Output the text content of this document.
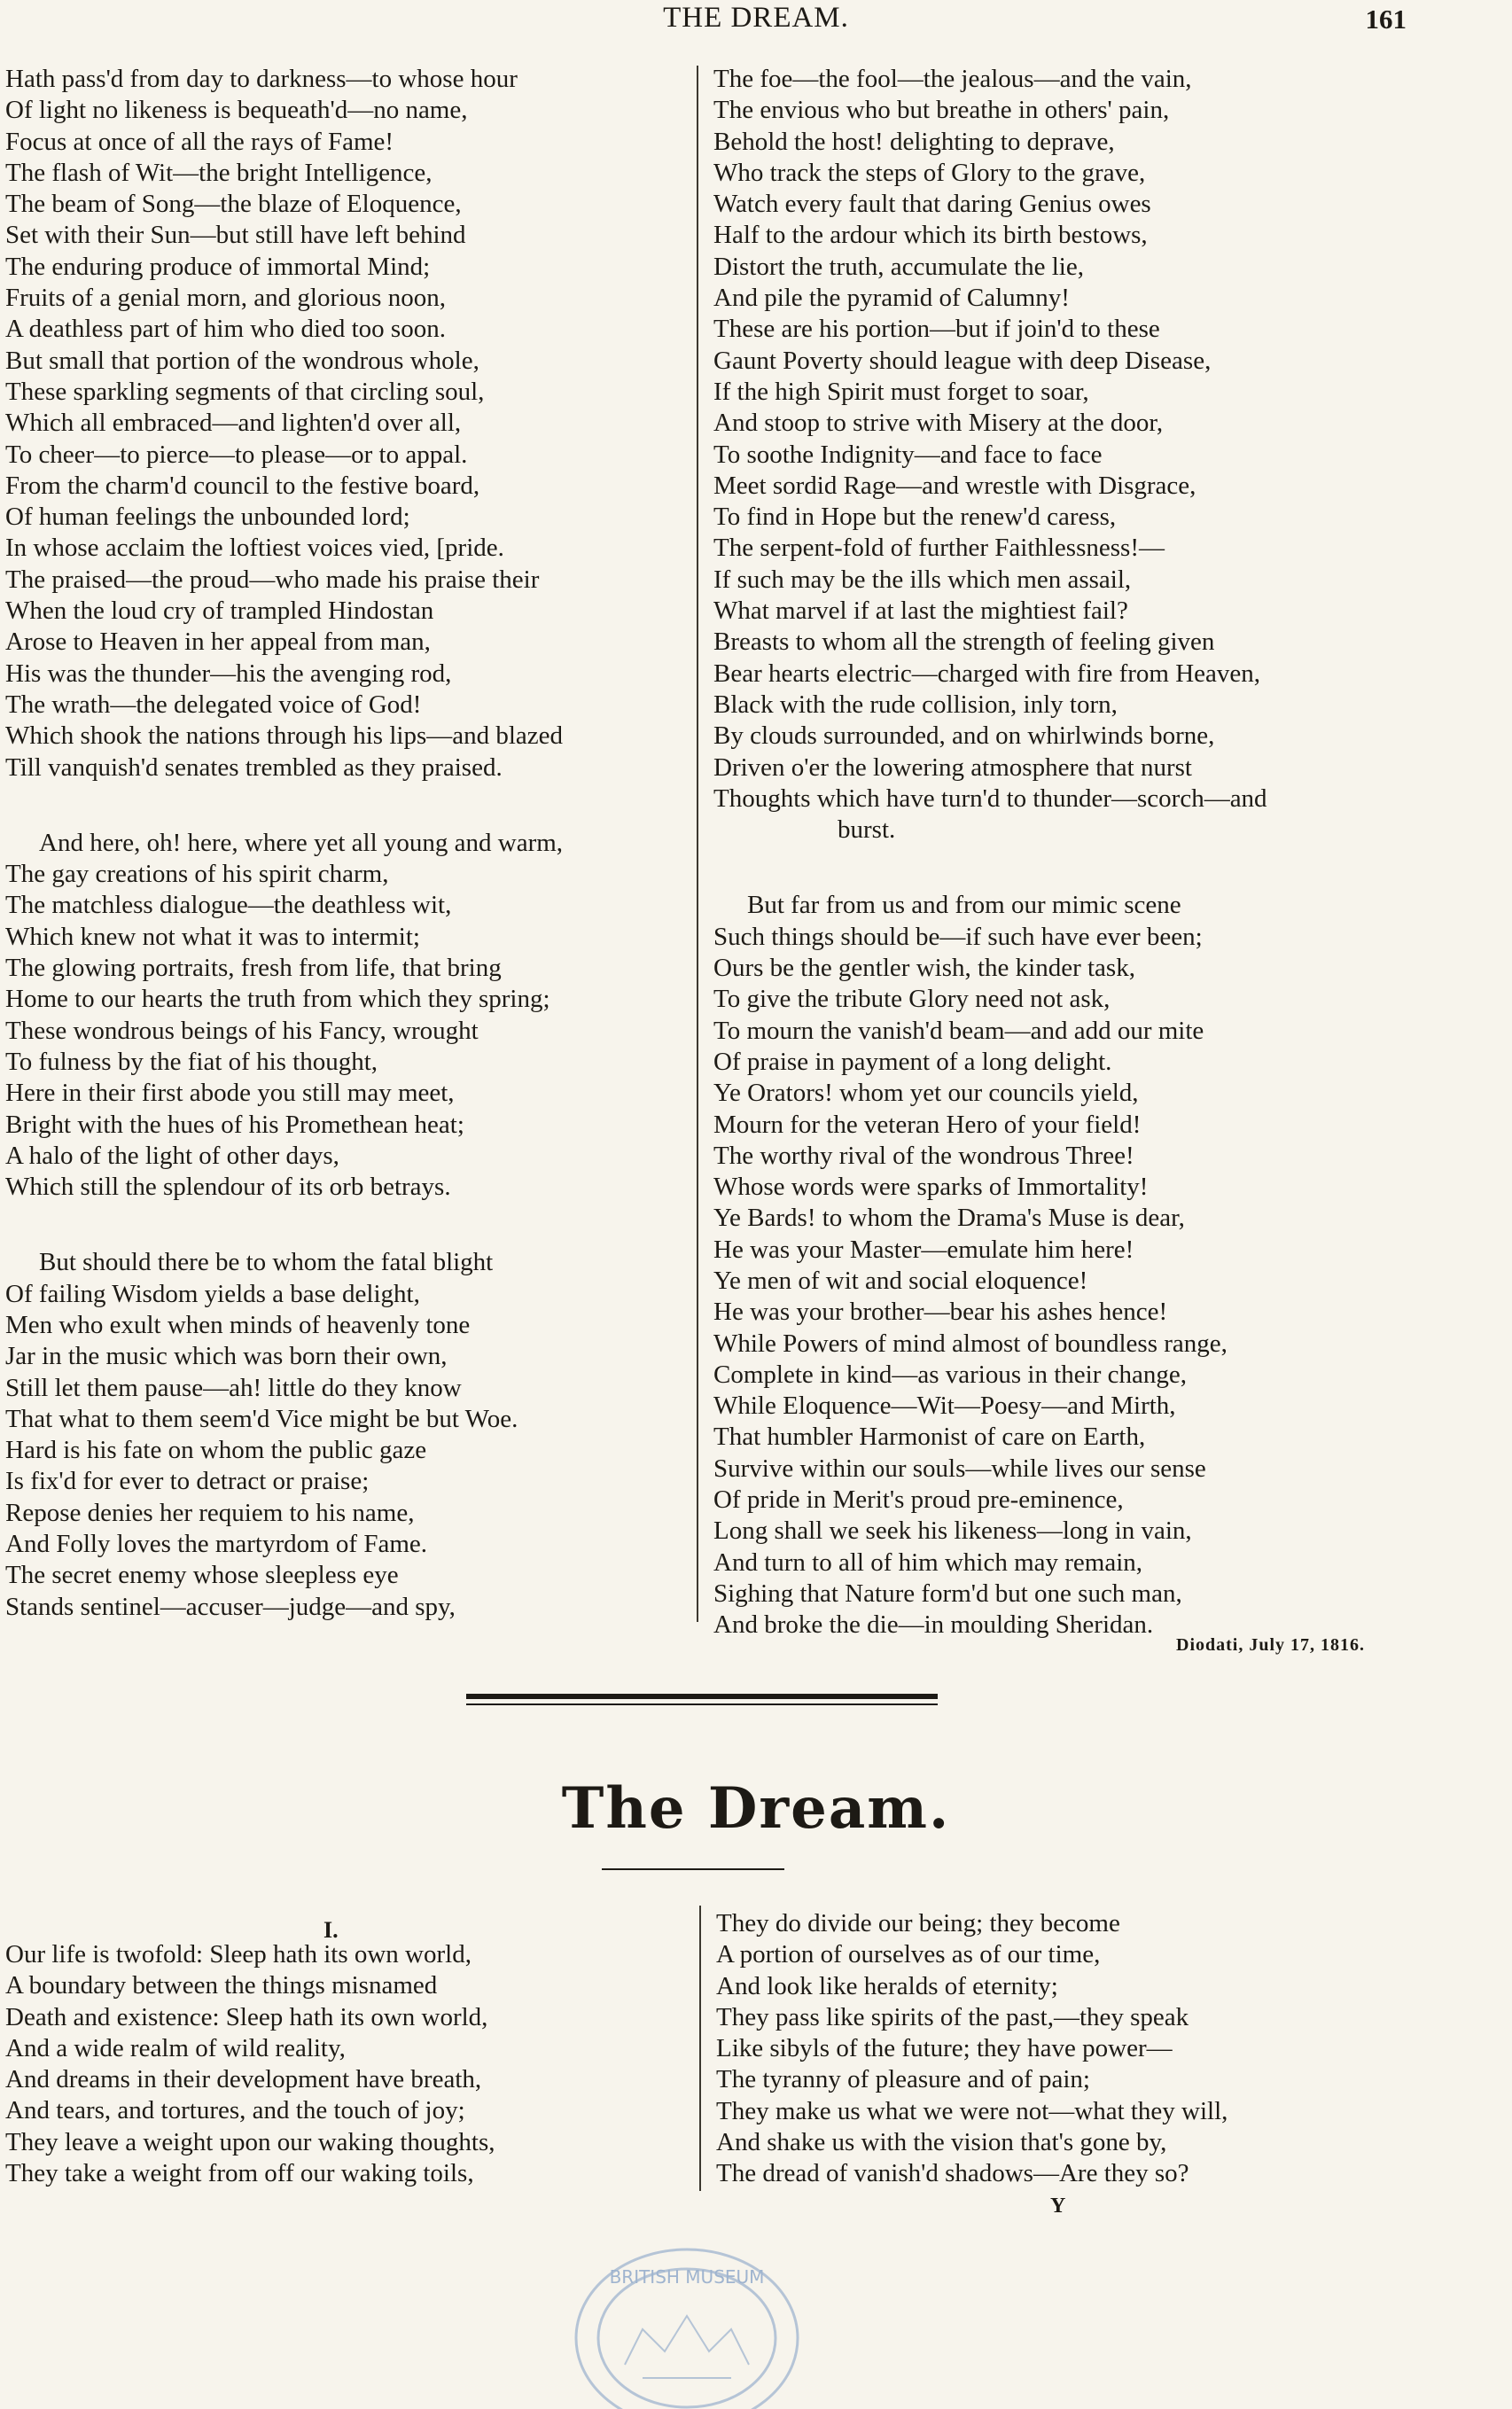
THE DREAM.	161
Hath pass'd from day to darkness—to whose hour
Of light no likeness is bequeath'd—no name,
Focus at once of all the rays of Fame!
The flash of Wit—the bright Intelligence,
The beam of Song—the blaze of Eloquence,
Set with their Sun—but still have left behind
The enduring produce of immortal Mind;
Fruits of a genial morn, and glorious noon,
A deathless part of him who died too soon.
But small that portion of the wondrous whole,
These sparkling segments of that circling soul,
Which all embraced—and lighten'd over all,
To cheer—to pierce—to please—or to appal.
From the charm'd council to the festive board,
Of human feelings the unbounded lord;
In whose acclaim the loftiest voices vied, [pride.
The praised—the proud—who made his praise their
When the loud cry of trampled Hindostan
Arose to Heaven in her appeal from man,
His was the thunder—his the avenging rod,
The wrath—the delegated voice of God!
Which shook the nations through his lips—and blazed
Till vanquish'd senates trembled as they praised.
And here, oh! here, where yet all young and warm,
The gay creations of his spirit charm,
The matchless dialogue—the deathless wit,
Which knew not what it was to intermit;
The glowing portraits, fresh from life, that bring
Home to our hearts the truth from which they spring;
These wondrous beings of his Fancy, wrought
To fulness by the fiat of his thought,
Here in their first abode you still may meet,
Bright with the hues of his Promethean heat;
A halo of the light of other days,
Which still the splendour of its orb betrays.
But should there be to whom the fatal blight
Of failing Wisdom yields a base delight,
Men who exult when minds of heavenly tone
Jar in the music which was born their own,
Still let them pause—ah! little do they know
That what to them seem'd Vice might be but Woe.
Hard is his fate on whom the public gaze
Is fix'd for ever to detract or praise;
Repose denies her requiem to his name,
And Folly loves the martyrdom of Fame.
The secret enemy whose sleepless eye
Stands sentinel—accuser—judge—and spy,
The foe—the fool—the jealous—and the vain,
The envious who but breathe in others' pain,
Behold the host! delighting to deprave,
Who track the steps of Glory to the grave,
Watch every fault that daring Genius owes
Half to the ardour which its birth bestows,
Distort the truth, accumulate the lie,
And pile the pyramid of Calumny!
These are his portion—but if join'd to these
Gaunt Poverty should league with deep Disease,
If the high Spirit must forget to soar,
And stoop to strive with Misery at the door,
To soothe Indignity—and face to face
Meet sordid Rage—and wrestle with Disgrace,
To find in Hope but the renew'd caress,
The serpent-fold of further Faithlessness!—
If such may be the ills which men assail,
What marvel if at last the mightiest fail?
Breasts to whom all the strength of feeling given
Bear hearts electric—charged with fire from Heaven,
Black with the rude collision, inly torn,
By clouds surrounded, and on whirlwinds borne,
Driven o'er the lowering atmosphere that nurst
Thoughts which have turn'd to thunder—scorch—and
burst.
But far from us and from our mimic scene
Such things should be—if such have ever been;
Ours be the gentler wish, the kinder task,
To give the tribute Glory need not ask,
To mourn the vanish'd beam—and add our mite
Of praise in payment of a long delight.
Ye Orators! whom yet our councils yield,
Mourn for the veteran Hero of your field!
The worthy rival of the wondrous Three!
Whose words were sparks of Immortality!
Ye Bards! to whom the Drama's Muse is dear,
He was your Master—emulate him here!
Ye men of wit and social eloquence!
He was your brother—bear his ashes hence!
While Powers of mind almost of boundless range,
Complete in kind—as various in their change,
While Eloquence—Wit—Poesy—and Mirth,
That humbler Harmonist of care on Earth,
Survive within our souls—while lives our sense
Of pride in Merit's proud pre-eminence,
Long shall we seek his likeness—long in vain,
And turn to all of him which may remain,
Sighing that Nature form'd but one such man,
And broke the die—in moulding Sheridan.
Diodati, July 17, 1816.
The Dream.
I.
Our life is twofold: Sleep hath its own world,
A boundary between the things misnamed
Death and existence: Sleep hath its own world,
And a wide realm of wild reality,
And dreams in their development have breath,
And tears, and tortures, and the touch of joy;
They leave a weight upon our waking thoughts,
They take a weight from off our waking toils,
They do divide our being; they become
A portion of ourselves as of our time,
And look like heralds of eternity;
They pass like spirits of the past,—they speak
Like sibyls of the future; they have power—
The tyranny of pleasure and of pain;
They make us what we were not—what they will,
And shake us with the vision that's gone by,
The dread of vanish'd shadows—Are they so?
Y
BRITISH MUSEUM
